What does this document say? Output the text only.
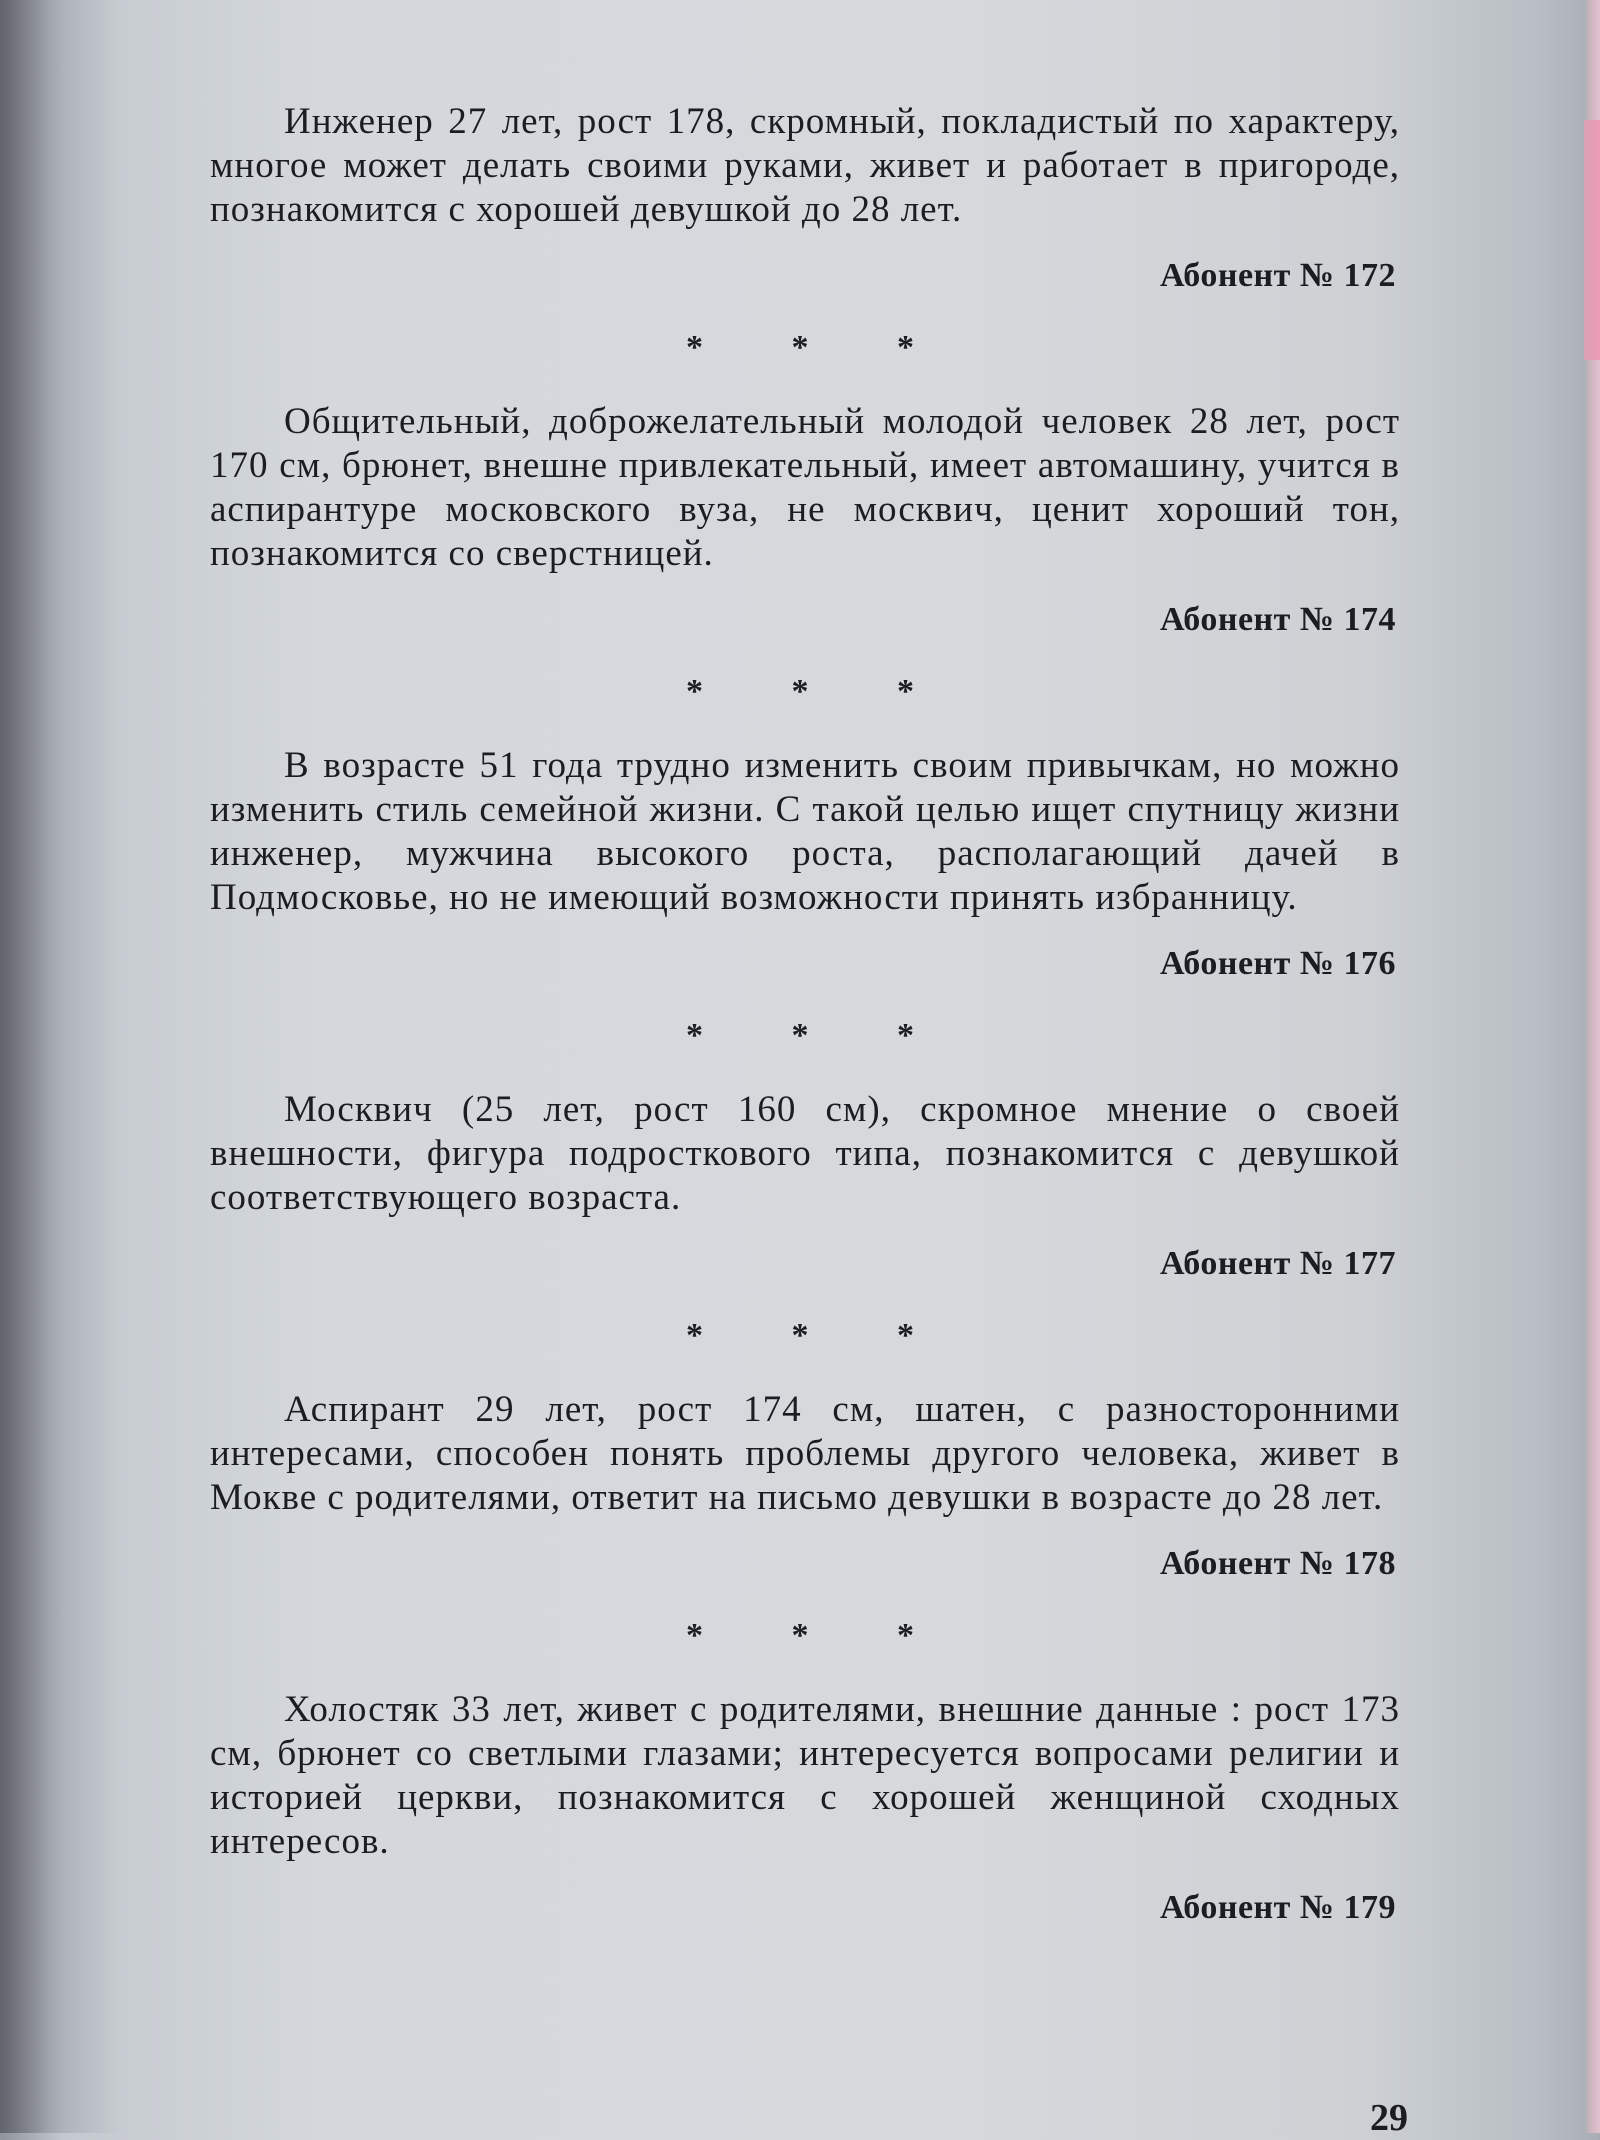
Инженер 27 лет, рост 178, скромный, покладистый по характеру, многое может делать своими руками, живет и работает в пригороде, познакомится с хорошей девушкой до 28 лет.

Абонент № 172
* * *

Общительный, доброжелательный молодой человек 28 лет, рост 170 см, брюнет, внешне привлекательный, имеет автомашину, учится в аспирантуре московского вуза, не москвич, ценит хороший тон, познакомится со сверстницей.

Абонент № 174
* * *

В возрасте 51 года трудно изменить своим привычкам, но можно изменить стиль семейной жизни. С такой целью ищет спутницу жизни инженер, мужчина высокого роста, располагающий дачей в Подмосковье, но не имеющий возможности принять избранницу.

Абонент № 176
* * *

Москвич (25 лет, рост 160 см), скромное мнение о своей внешности, фигура подросткового типа, познакомится с девушкой соответствующего возраста.

Абонент № 177
* * *

Аспирант 29 лет, рост 174 см, шатен, с разносторонними интересами, способен понять проблемы другого человека, живет в Мокве с родителями, ответит на письмо девушки в возрасте до 28 лет.

Абонент № 178
* * *

Холостяк 33 лет, живет с родителями, внешние данные : рост 173 см, брюнет со светлыми глазами; интересуется вопросами религии и историей церкви, познакомится с хорошей женщиной сходных интересов.

Абонент № 179
29
